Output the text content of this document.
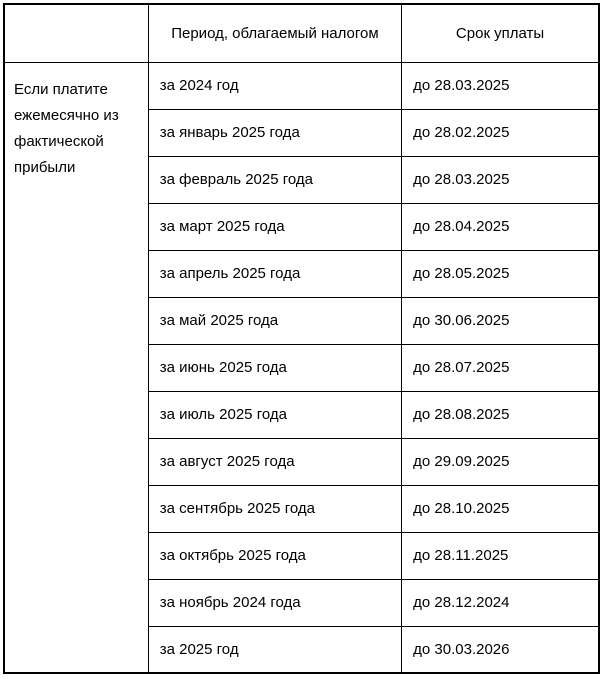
	Период, облагаемый налогом	Срок уплаты
Если платите ежемесячно из фактической прибыли	за 2024 год	до 28.03.2025
	за январь 2025 года	до 28.02.2025
	за февраль 2025 года	до 28.03.2025
	за март 2025 года	до 28.04.2025
	за апрель 2025 года	до 28.05.2025
	за май 2025 года	до 30.06.2025
	за июнь 2025 года	до 28.07.2025
	за июль 2025 года	до 28.08.2025
	за август 2025 года	до 29.09.2025
	за сентябрь 2025 года	до 28.10.2025
	за октябрь 2025 года	до 28.11.2025
	за ноябрь 2024 года	до 28.12.2024
	за 2025 год	до 30.03.2026
